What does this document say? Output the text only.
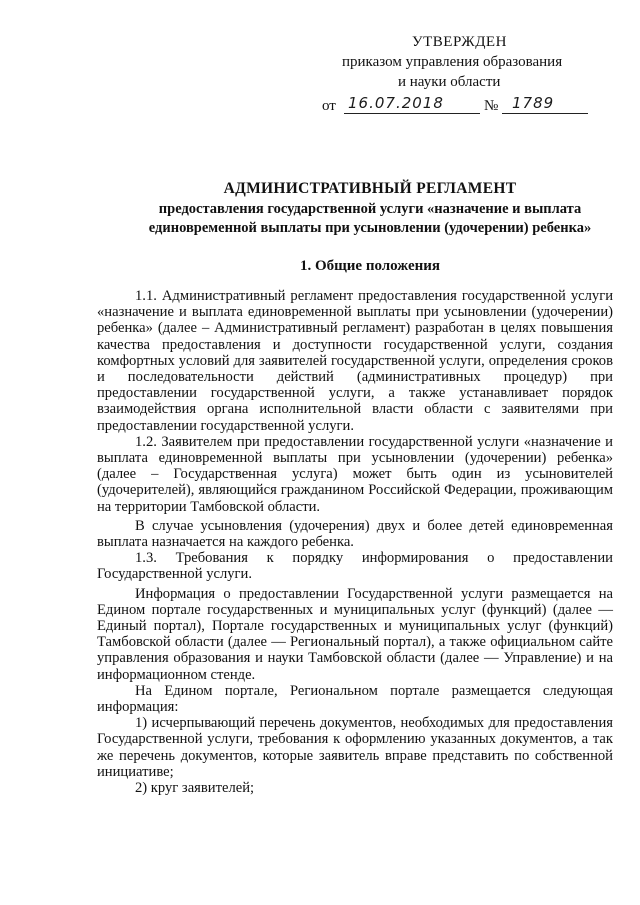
УТВЕРЖДЕН
приказом управления образования
и науки области
от 16.07.2018	№ 1789
АДМИНИСТРАТИВНЫЙ РЕГЛАМЕНТ
предоставления государственной услуги «назначение и выплата
единовременной выплаты при усыновлении (удочерении) ребенка»
1. Общие положения

1.1. Административный регламент предоставления государственной услуги «назначение и выплата единовременной выплаты при усыновлении (удочерении) ребенка» (далее – Административный регламент) разработан в целях повышения качества предоставления и доступности государственной услуги, создания комфортных условий для заявителей государственной услуги, определения сроков и последовательности действий (административных процедур) при предоставлении государственной услуги, а также устанавливает порядок взаимодействия органа исполнительной власти области с заявителями при предоставлении государственной услуги.

1.2. Заявителем при предоставлении государственной услуги «назначение и выплата единовременной выплаты при усыновлении (удочерении) ребенка» (далее – Государственная услуга) может быть один из усыновителей (удочерителей), являющийся гражданином Российской Федерации, проживающим на территории Тамбовской области.

В случае усыновления (удочерения) двух и более детей единовременная выплата назначается на каждого ребенка.

1.3. Требования к порядку информирования о предоставлении Государственной услуги.

Информация о предоставлении Государственной услуги размещается на Едином портале государственных и муниципальных услуг (функций) (далее — Единый портал), Портале государственных и муниципальных услуг (функций) Тамбовской области (далее — Региональный портал), а также официальном сайте управления образования и науки Тамбовской области (далее — Управление) и на информационном стенде.

На Едином портале, Региональном портале размещается следующая информация:

1) исчерпывающий перечень документов, необходимых для предоставления Государственной услуги, требования к оформлению указанных документов, а так же перечень документов, которые заявитель вправе представить по собственной инициативе;

2) круг заявителей;
